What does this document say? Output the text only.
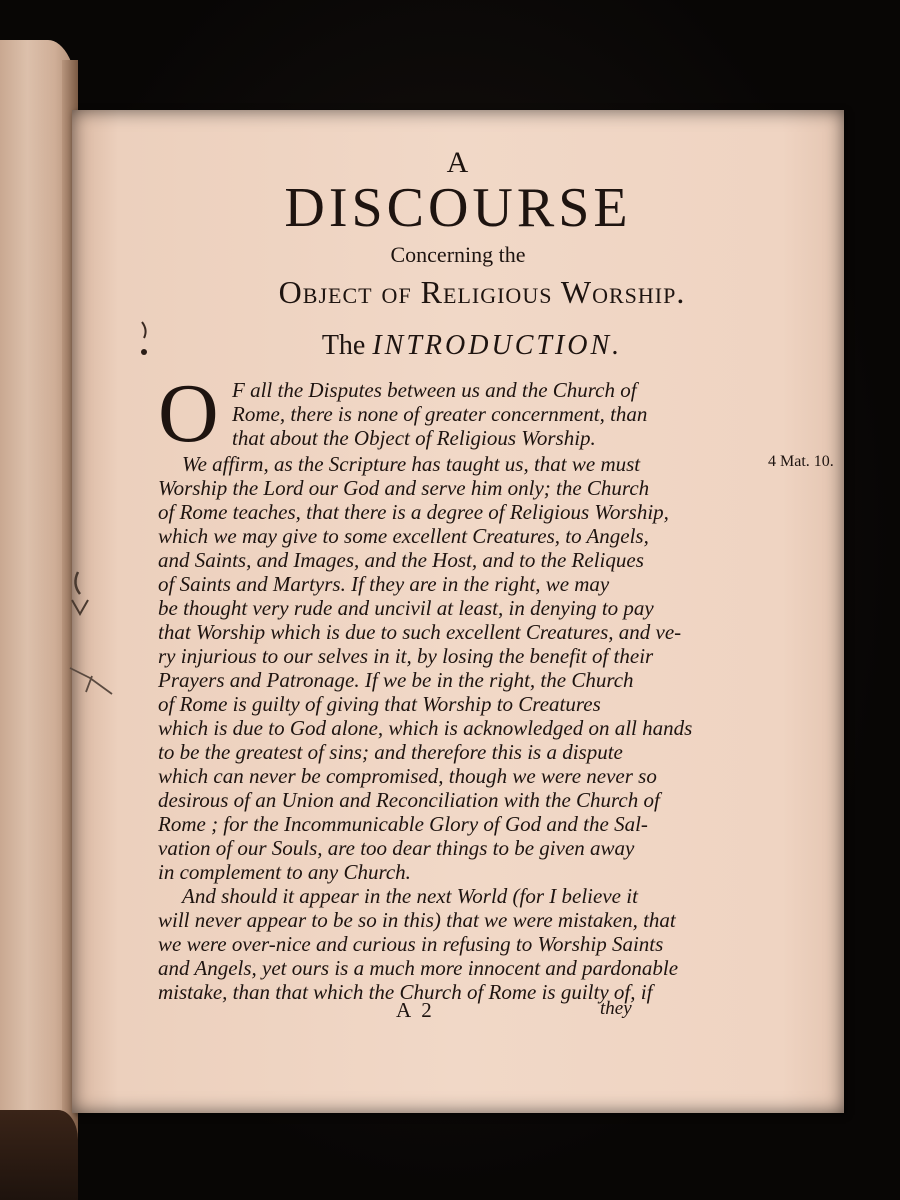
A
DISCOURSE
Concerning the
Object of Religious Worship.
The INTRODUCTION.
O F all the Disputes between us and the Church of
Rome, there is none of greater concernment, than
that about the Object of Religious Worship.
We affirm, as the Scripture has taught us, that we must
Worship the Lord our God and serve him only; the Church
of Rome teaches, that there is a degree of Religious Worship,
which we may give to some excellent Creatures, to Angels,
and Saints, and Images, and the Host, and to the Reliques
of Saints and Martyrs. If they are in the right, we may
be thought very rude and uncivil at least, in denying to pay
that Worship which is due to such excellent Creatures, and ve-
ry injurious to our selves in it, by losing the benefit of their
Prayers and Patronage. If we be in the right, the Church
of Rome is guilty of giving that Worship to Creatures
which is due to God alone, which is acknowledged on all hands
to be the greatest of sins; and therefore this is a dispute
which can never be compromised, though we were never so
desirous of an Union and Reconciliation with the Church of
Rome ; for the Incommunicable Glory of God and the Sal-
vation of our Souls, are too dear things to be given away
in complement to any Church.
And should it appear in the next World (for I believe it
will never appear to be so in this) that we were mistaken, that
we were over-nice and curious in refusing to Worship Saints
and Angels, yet ours is a much more innocent and pardonable
mistake, than that which the Church of Rome is guilty of, if
4 Mat. 10.
A 2	they
